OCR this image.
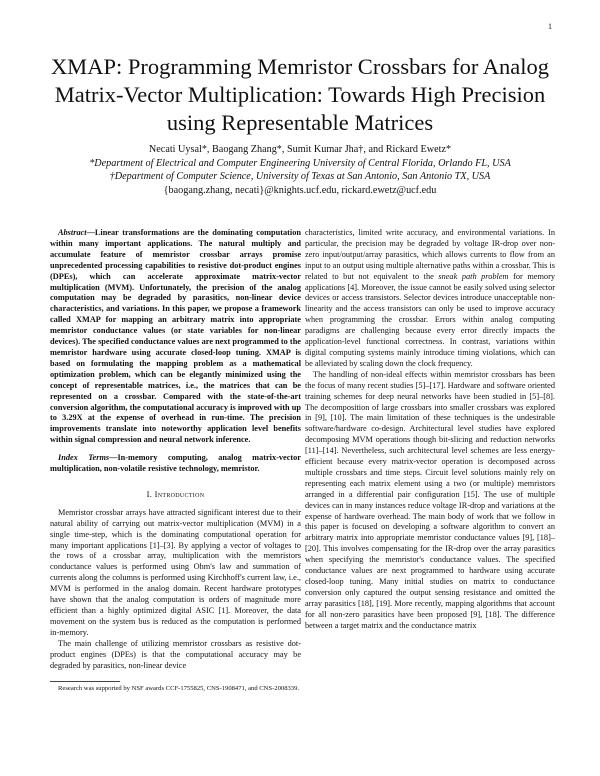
1
XMAP: Programming Memristor Crossbars for Analog Matrix-Vector Multiplication: Towards High Precision using Representable Matrices
Necati Uysal*, Baogang Zhang*, Sumit Kumar Jha†, and Rickard Ewetz*
*Department of Electrical and Computer Engineering University of Central Florida, Orlando FL, USA
†Department of Computer Science, University of Texas at San Antonio, San Antonio TX, USA
{baogang.zhang, necati}@knights.ucf.edu, rickard.ewetz@ucf.edu

Abstract—Linear transformations are the dominating computation within many important applications. The natural multiply and accumulate feature of memristor crossbar arrays promise unprecedented processing capabilities to resistive dot-product engines (DPEs), which can accelerate approximate matrix-vector multiplication (MVM). Unfortunately, the precision of the analog computation may be degraded by parasitics, non-linear device characteristics, and variations. In this paper, we propose a framework called XMAP for mapping an arbitrary matrix into appropriate memristor conductance values (or state variables for non-linear devices). The specified conductance values are next programmed to the memristor hardware using accurate closed-loop tuning. XMAP is based on formulating the mapping problem as a mathematical optimization problem, which can be elegantly minimized using the concept of representable matrices, i.e., the matrices that can be represented on a crossbar. Compared with the state-of-the-art conversion algorithm, the computational accuracy is improved with up to 3.29X at the expense of overhead in run-time. The precision improvements translate into noteworthy application level benefits within signal compression and neural network inference.

Index Terms—In-memory computing, analog matrix-vector multiplication, non-volatile resistive technology, memristor.

I. Introduction

Memristor crossbar arrays have attracted significant interest due to their natural ability of carrying out matrix-vector multiplication (MVM) in a single time-step, which is the dominating computational operation for many important applications [1]–[3]. By applying a vector of voltages to the rows of a crossbar array, multiplication with the memristors conductance values is performed using Ohm's law and summation of currents along the columns is performed using Kirchhoff's current law, i.e., MVM is performed in the analog domain. Recent hardware prototypes have shown that the analog computation is orders of magnitude more efficient than a highly optimized digital ASIC [1]. Moreover, the data movement on the system bus is reduced as the computation is performed in-memory.

The main challenge of utilizing memristor crossbars as resistive dot-product engines (DPEs) is that the computational accuracy may be degraded by parasitics, non-linear device

Research was supported by NSF awards CCF-1755825, CNS-1908471, and CNS-2008339.

characteristics, limited write accuracy, and environmental variations. In particular, the precision may be degraded by voltage IR-drop over non-zero input/output/array parasitics, which allows currents to flow from an input to an output using multiple alternative paths within a crossbar. This is related to but not equivalent to the sneak path problem for memory applications [4]. Moreover, the issue cannot be easily solved using selector devices or access transistors. Selector devices introduce unacceptable non-linearity and the access transistors can only be used to improve accuracy when programming the crossbar. Errors within analog computing paradigms are challenging because every error directly impacts the application-level functional correctness. In contrast, variations within digital computing systems mainly introduce timing violations, which can be alleviated by scaling down the clock frequency.

The handling of non-ideal effects within memristor crossbars has been the focus of many recent studies [5]–[17]. Hardware and software oriented training schemes for deep neural networks have been studied in [5]–[8]. The decomposition of large crossbars into smaller crossbars was explored in [9], [10]. The main limitation of these techniques is the undesirable software/hardware co-design. Architectural level studies have explored decomposing MVM operations though bit-slicing and reduction networks [11]–[14]. Nevertheless, such architectural level schemes are less energy-efficient because every matrix-vector operation is decomposed across multiple crossbars and time steps. Circuit level solutions mainly rely on representing each matrix element using a two (or multiple) memristors arranged in a differential pair configuration [15]. The use of multiple devices can in many instances reduce voltage IR-drop and variations at the expense of hardware overhead. The main body of work that we follow in this paper is focused on developing a software algorithm to convert an arbitrary matrix into appropriate memristor conductance values [9], [18]–[20]. This involves compensating for the IR-drop over the array parasitics when specifying the memristor's conductance values. The specified conductance values are next programmed to hardware using accurate closed-loop tuning. Many initial studies on matrix to conductance conversion only captured the output sensing resistance and omitted the array parasitics [18], [19]. More recently, mapping algorithms that account for all non-zero parasitics have been proposed [9], [18]. The difference between a target matrix and the conductance matrix
